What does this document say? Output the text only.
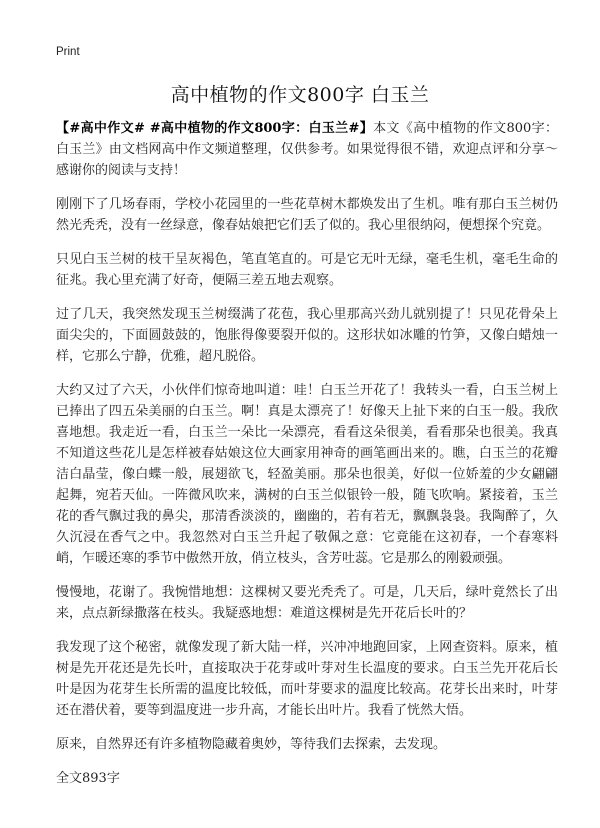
Print
高中植物的作文800字 白玉兰

【#高中作文# #高中植物的作文800字：白玉兰#】本文《高中植物的作文800字：白玉兰》由文档网高中作文频道整理，仅供参考。如果觉得很不错，欢迎点评和分享～感谢你的阅读与支持！

刚刚下了几场春雨，学校小花园里的一些花草树木都焕发出了生机。唯有那白玉兰树仍然光秃秃，没有一丝绿意，像春姑娘把它们丢了似的。我心里很纳闷，便想探个究竟。

只见白玉兰树的枝干呈灰褐色，笔直笔直的。可是它无叶无绿，毫毛生机，毫毛生命的征兆。我心里充满了好奇，便隔三差五地去观察。

过了几天，我突然发现玉兰树缀满了花苞，我心里那高兴劲儿就别提了！只见花骨朵上面尖尖的，下面圆鼓鼓的，饱胀得像要裂开似的。这形状如冰雕的竹笋，又像白蜡烛一样，它那么宁静，优雅，超凡脱俗。

大约又过了六天，小伙伴们惊奇地叫道：哇！白玉兰开花了！我转头一看，白玉兰树上已捧出了四五朵美丽的白玉兰。啊！真是太漂亮了！好像天上扯下来的白玉一般。我欣喜地想。我走近一看，白玉兰一朵比一朵漂亮，看看这朵很美，看看那朵也很美。我真不知道这些花儿是怎样被春姑娘这位大画家用神奇的画笔画出来的。瞧，白玉兰的花瓣洁白晶莹，像白蝶一般，展翅欲飞，轻盈美丽。那朵也很美，好似一位娇羞的少女翩翩起舞，宛若天仙。一阵微风吹来，满树的白玉兰似银铃一般，随飞吹响。紧接着，玉兰花的香气飘过我的鼻尖，那清香淡淡的，幽幽的，若有若无，飘飘袅袅。我陶醉了，久久沉浸在香气之中。我忽然对白玉兰升起了敬佩之意：它竟能在这初春，一个春寒料峭，乍暖还寒的季节中傲然开放，俏立枝头，含芳吐蕊。它是那么的刚毅顽强。

慢慢地，花谢了。我惋惜地想：这棵树又要光秃秃了。可是，几天后，绿叶竟然长了出来，点点新绿撒落在枝头。我疑惑地想：难道这棵树是先开花后长叶的？

我发现了这个秘密，就像发现了新大陆一样，兴冲冲地跑回家，上网查资料。原来，植树是先开花还是先长叶，直接取决于花芽或叶芽对生长温度的要求。白玉兰先开花后长叶是因为花芽生长所需的温度比较低，而叶芽要求的温度比较高。花芽长出来时，叶芽还在潜伏着，要等到温度进一步升高，才能长出叶片。我看了恍然大悟。

原来，自然界还有许多植物隐藏着奥妙，等待我们去探索，去发现。

全文893字
